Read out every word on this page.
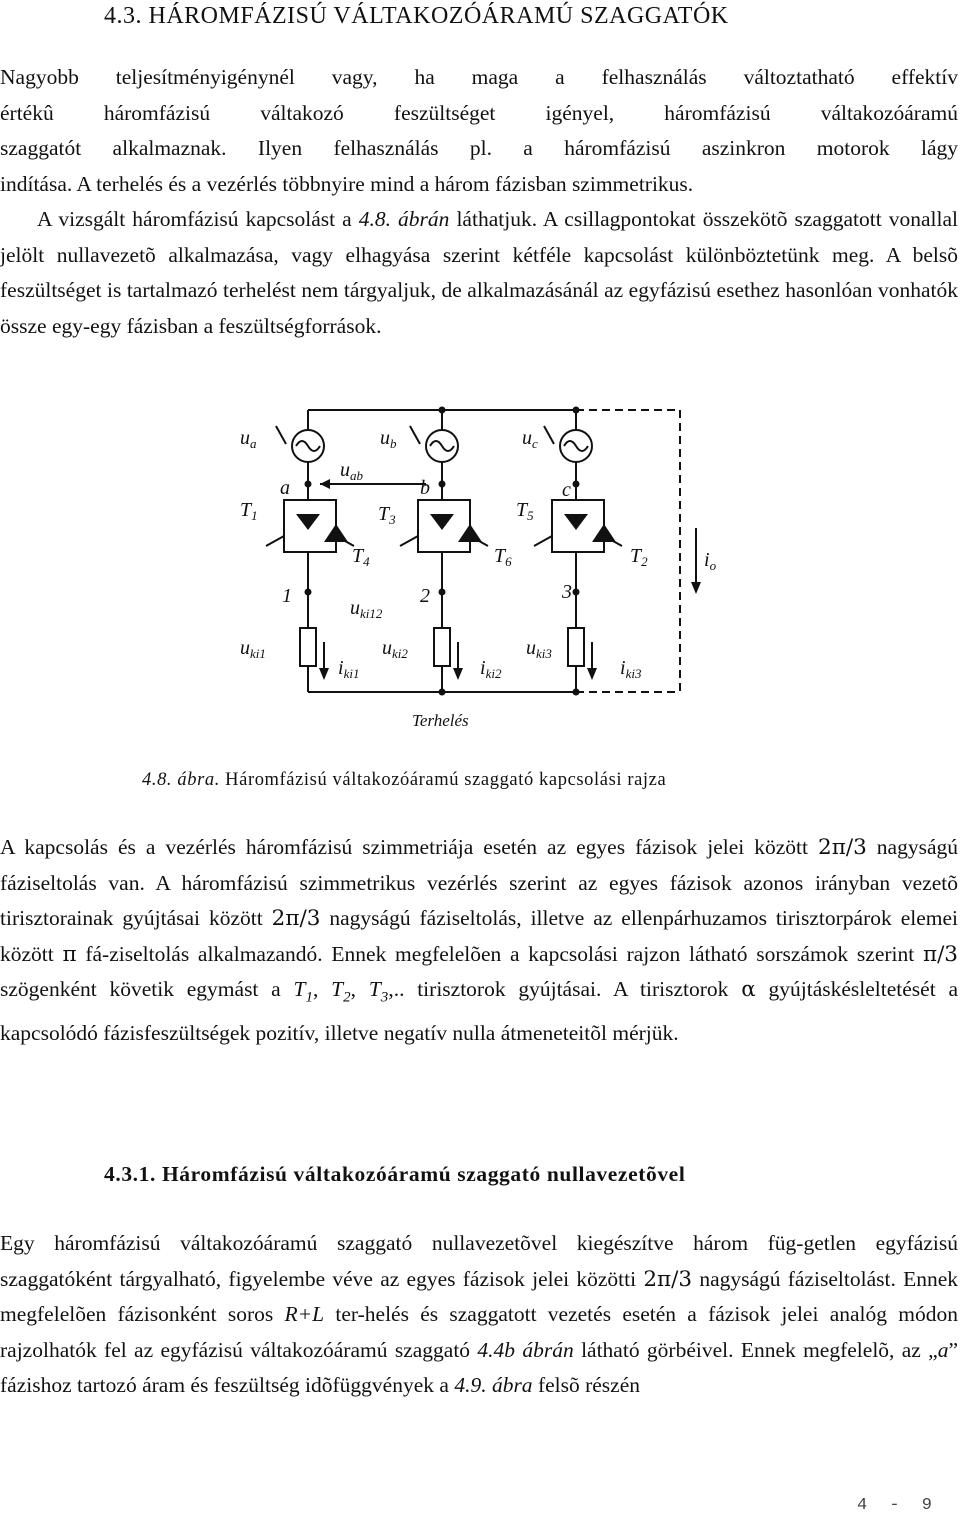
4.3. HÁROMFÁZISÚ VÁLTAKOZÓÁRAMÚ SZAGGATÓK

Nagyobb teljesítményigénynél vagy, ha maga a felhasználás változtatható effektív

értékû háromfázisú váltakozó feszültséget igényel, háromfázisú váltakozóáramú

szaggatót alkalmaznak. Ilyen felhasználás pl. a háromfázisú aszinkron motorok lágy

indítása. A terhelés és a vezérlés többnyire mind a három fázisban szimmetrikus.

A vizsgált háromfázisú kapcsolást a 4.8. ábrán láthatjuk. A csillagpontokat összekötõ szaggatott vonallal jelölt nullavezetõ alkalmazása, vagy elhagyása szerint kétféle kapcsolást különböztetünk meg. A belsõ feszültséget is tartalmazó terhelést nem tárgyaljuk, de alkalmazásánál az egyfázisú esethez hasonlóan vonhatók össze egy-egy fázisban a feszültségforrások.

$u_a$	$u_b$	$u_c$
$u_{ab}$
a	b	c
$T_1$	$T_3$	$T_5$
$T_4$	$T_6$	$T_2$	$i_o$
1	2	3
$u_{ki12}$
$u_{ki1}$	$u_{ki2}$	$u_{ki3}$
$i_{ki1}$	$i_{ki2}$	$i_{ki3}$
Terhelés
4.8. ábra. Háromfázisú váltakozóáramú szaggató kapcsolási rajza

A kapcsolás és a vezérlés háromfázisú szimmetriája esetén az egyes fázisok jelei között 2π/3 nagyságú fáziseltolás van. A háromfázisú szimmetrikus vezérlés szerint az egyes fázisok azonos irányban vezetõ tirisztorainak gyújtásai között 2π/3 nagyságú fáziseltolás, illetve az ellenpárhuzamos tirisztorpárok elemei között π fá-ziseltolás alkalmazandó. Ennek megfelelõen a kapcsolási rajzon látható sorszámok szerint π/3 szögenként követik egymást a $T_1$, $T_2$, $T_3$,.. tirisztorok gyújtásai. A tirisztorok α gyújtáskésleltetését a kapcsolódó fázisfeszültségek pozitív, illetve negatív nulla átmeneteitõl mérjük.

4.3.1. Háromfázisú váltakozóáramú szaggató nullavezetõvel

Egy háromfázisú váltakozóáramú szaggató nullavezetõvel kiegészítve három füg-getlen egyfázisú szaggatóként tárgyalható, figyelembe véve az egyes fázisok jelei közötti 2π/3 nagyságú fáziseltolást. Ennek megfelelõen fázisonként soros R+L ter-helés és szaggatott vezetés esetén a fázisok jelei analóg módon rajzolhatók fel az egyfázisú váltakozóáramú szaggató 4.4b ábrán látható görbéivel. Ennek megfelelõ, az „a” fázishoz tartozó áram és feszültség idõfüggvények a 4.9. ábra felsõ részén

4 - 9
